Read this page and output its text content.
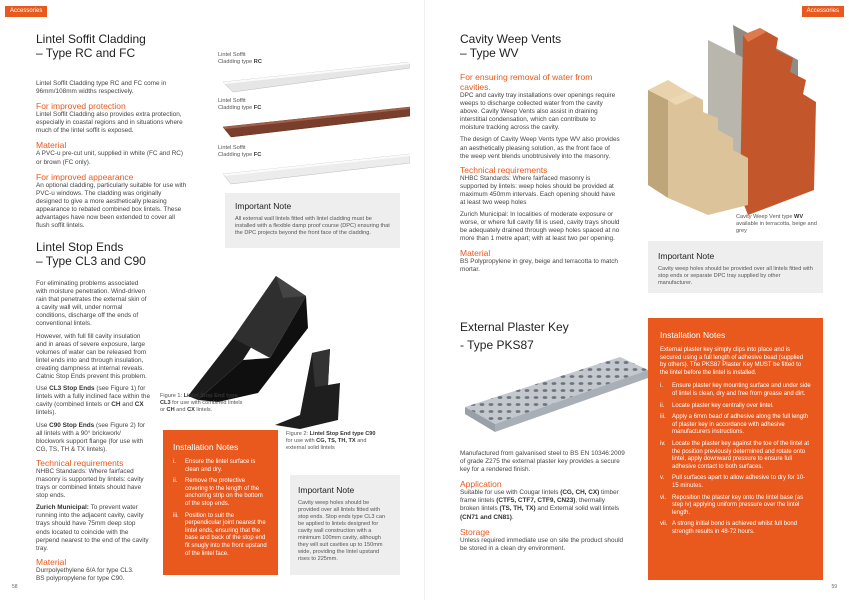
Accessories	Accessories
Lintel Soffit Cladding
– Type RC and FC
Lintel Soffit Cladding type RC and FC come in 96mm/108mm widths respectively.
For improved protection
Lintel Soffit Cladding also provides extra protection, especially in coastal regions and in situations where much of the lintel soffit is exposed.
Material
A PVC-u pre-cut unit, supplied in white (FC and RC) or brown (FC only).
For improved appearance
An optional cladding, particularly suitable for use with PVC-u windows. The cladding was originally designed to give a more aesthetically pleasing appearance to rebated combined box lintels. These advantages have now been extended to cover all flush soffit lintels.
Lintel Soffit
Cladding type RC
Lintel Soffit
Cladding type FC
Lintel Soffit
Cladding type FC
Important Note
All external wall lintels fitted with lintel cladding must be installed with a flexible damp proof course (DPC) ensuring that the DPC projects beyond the front face of the cladding.
Lintel Stop Ends
– Type CL3 and C90
For eliminating problems associated with moisture penetration. Wind-driven rain that penetrates the external skin of a cavity wall will, under normal conditions, discharge off the ends of conventional lintels.
However, with full fill cavity insulation and in areas of severe exposure, large volumes of water can be released from lintel ends into and through insulation, creating dampness at internal reveals. Catnic Stop Ends prevent this problem.
Use CL3 Stop Ends (see Figure 1) for lintels with a fully inclined face within the cavity (combined lintels or CH and CX lintels).
Use C90 Stop Ends (see Figure 2) for all lintels with a 90° brickwork/ blockwork support flange (for use with CG, TS, TH & TX lintels).
Technical requirements
NHBC Standards: Where fairfaced masonry is supported by lintels: cavity trays or combined lintels should have stop ends.
Zurich Municipal: To prevent water running into the adjacent cavity, cavity trays should have 75mm deep stop ends located to coincide with the perpend nearest to the end of the cavity tray.
Material
Durrpolyethylene 6/A for type CL3.
BS polypropylene for type C90.
Figure 1: Lintel Stop End type CL3 for use with combined lintels or CH and CX lintels.
Figure 2: Lintel Stop End type C90 for use with CG, TS, TH, TX and external solid lintels
Installation Notes
i. Ensure the lintel surface is clean and dry.
ii. Remove the protective covering to the length of the anchoring strip on the bottom of the stop ends.
iii. Position to suit the perpendicular joint nearest the lintel ends, ensuring that the base and back of the stop end fit snugly into the front upstand of the lintel face.
Important Note
Cavity weep holes should be provided over all lintels fitted with stop ends. Stop ends type CL3 can be applied to lintels designed for cavity wall construction with a minimum 100mm cavity, although they will suit cavities up to 150mm wide, providing the lintel upstand rises to 225mm.
58
Cavity Weep Vents
– Type WV
For ensuring removal of water from cavities.
DPC and cavity tray installations over openings require weeps to discharge collected water from the cavity above. Cavity Weep Vents also assist in draining interstitial condensation, which can contribute to moisture tracking across the cavity.
The design of Cavity Weep Vents type WV also provides an aesthetically pleasing solution, as the front face of the weep vent blends unobtrusively into the masonry.
Technical requirements
NHBC Standards: Where fairfaced masonry is supported by lintels: weep holes should be provided at maximum 450mm intervals. Each opening should have at least two weep holes
Zurich Municipal: In localities of moderate exposure or worse, or where full cavity fill is used, cavity trays should be adequately drained through weep holes spaced at no more than 1 metre apart; with at least two per opening.
Material
BS Polypropylene in grey, beige and terracotta to match mortar.
Cavity Weep Vent type WV available in terracotta, beige and grey
Important Note
Cavity weep holes should be provided over all lintels fitted with stop ends or separate DPC tray supplied by other manufacturer.
External Plaster Key
- Type PKS87
Manufactured from galvanised steel to BS EN 10346:2009 of grade Z275 the external plaster key provides a secure key for a rendered finish.
Application
Suitable for use with Cougar lintels (CG, CH, CX) timber frame lintels (CTF5, CTF7, CTF9, CN23), thermally broken lintels (TS, TH, TX) and External solid wall lintels (CN71 and CN81).
Storage
Unless required immediate use on site the product should be stored in a clean dry environment.
Installation Notes
External plaster key simply clips into place and is secured using a full length of adhesive bead (supplied by others). The PKS87 Plaster Key MUST be fitted to the lintel before the lintel is installed.
i. Ensure plaster key mounting surface and under side of lintel is clean, dry and free from grease and dirt.
ii. Locate plaster key centrally over lintel.
iii. Apply a 6mm bead of adhesive along the full length of plaster key in accordance with adhesive manufacturers instructions.
iv. Locate the plaster key against the toe of the lintel at the position previously determined and rotate onto lintel, apply downward pressure to ensure full adhesive contact to both surfaces.
v. Pull surfaces apart to allow adhesive to dry for 10-15 minutes.
vi. Reposition the plaster key onto the lintel base (as step iv) applying uniform pressure over the lintel length.
vii. A strong initial bond is achieved whilst full bond strength results in 48-72 hours.
59
